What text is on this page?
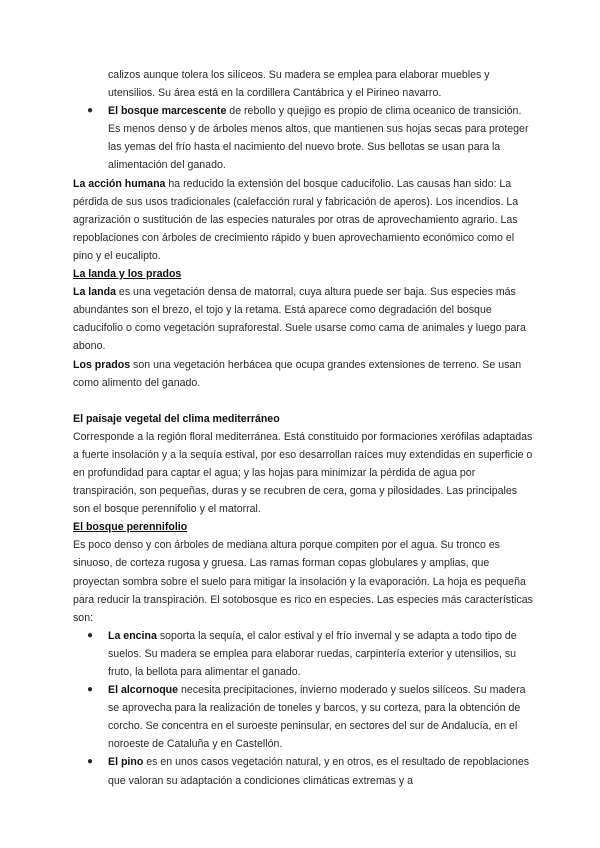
calizos aunque tolera los silíceos. Su madera se emplea para elaborar muebles y utensilios. Su área está en la cordillera Cantábrica y el Pirineo navarro.

● El bosque marcescente de rebollo y quejigo es propio de clima oceanico de transición. Es menos denso y de árboles menos altos, que mantienen sus hojas secas para proteger las yemas del frío hasta el nacimiento del nuevo brote. Sus bellotas se usan para la alimentación del ganado.

La acción humana ha reducido la extensión del bosque caducifolio. Las causas han sido: La pérdida de sus usos tradicionales (calefacción rural y fabricación de aperos). Los incendios. La agrarización o sustitución de las especies naturales por otras de aprovechamiento agrario. Las repoblaciones con árboles de crecimiento rápido y buen aprovechamiento económico como el pino y el eucalipto.

La landa y los prados

La landa es una vegetación densa de matorral, cuya altura puede ser baja. Sus especies más abundantes son el brezo, el tojo y la retama. Está aparece como degradación del bosque caducifolio o como vegetación supraforestal. Suele usarse como cama de animales y luego para abono.

Los prados son una vegetación herbácea que ocupa grandes extensiones de terreno. Se usan como alimento del ganado.

El paisaje vegetal del clima mediterráneo

Corresponde a la región floral mediterránea. Está constituido por formaciones xerófilas adaptadas a fuerte insolación y a la sequía estival, por eso desarrollan raíces muy extendidas en superficie o en profundidad para captar el agua; y las hojas para minimizar la pérdida de agua por transpiración, son pequeñas, duras y se recubren de cera, goma y pilosidades. Las principales son el bosque perennifolio y el matorral.

El bosque perennifolio

Es poco denso y con árboles de mediana altura porque compiten por el agua. Su tronco es sinuoso, de corteza rugosa y gruesa. Las ramas forman copas globulares y amplias, que proyectan sombra sobre el suelo para mitigar la insolación y la evaporación. La hoja es pequeña para reducir la transpiración. El sotobosque es rico en especies. Las especies más características son:

● La encina soporta la sequía, el calor estival y el frío invernal y se adapta a todo tipo de suelos. Su madera se emplea para elaborar ruedas, carpintería exterior y utensilios, su fruto, la bellota para alimentar el ganado.
● El alcornoque necesita precipitaciones, invierno moderado y suelos silíceos. Su madera se aprovecha para la realización de toneles y barcos, y su corteza, para la obtención de corcho. Se concentra en el suroeste peninsular, en sectores del sur de Andalucía, en el noroeste de Cataluña y en Castellón.
● El pino es en unos casos vegetación natural, y en otros, es el resultado de repoblaciones que valoran su adaptación a condiciones climáticas extremas y a
